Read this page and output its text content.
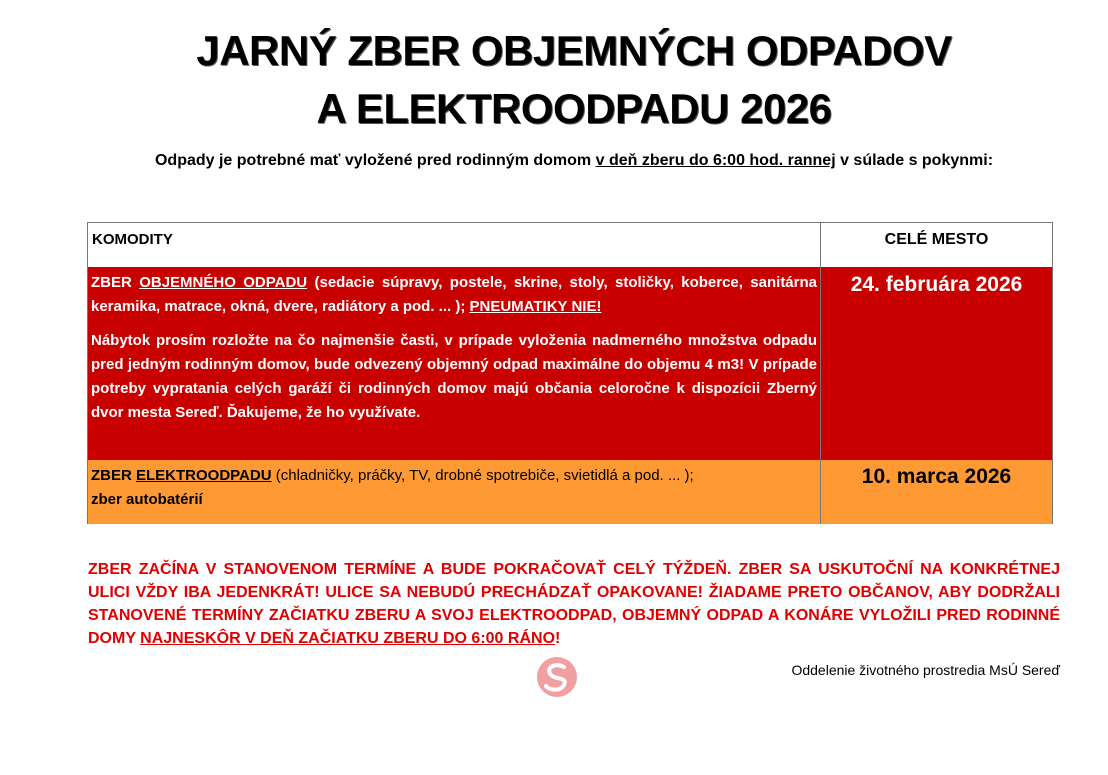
JARNÝ ZBER OBJEMNÝCH ODPADOV
A ELEKTROODPADU 2026
Odpady je potrebné mať vyložené pred rodinným domom v deň zberu do 6:00 hod. rannej v súlade s pokynmi:
KOMODITY	CELÉ MESTO

ZBER OBJEMNÉHO ODPADU (sedacie súpravy, postele, skrine, stoly, stoličky, koberce, sanitárna keramika, matrace, okná, dvere, radiátory a pod. ... ); PNEUMATIKY NIE!

Nábytok prosím rozložte na čo najmenšie časti, v prípade vyloženia nadmerného množstva odpadu pred jedným rodinným domov, bude odvezený objemný odpad maximálne do objemu 4 m3! V prípade potreby vypratania celých garáží či rodinných domov majú občania celoročne k dispozícii Zberný dvor mesta Sereď. Ďakujeme, že ho využívate.

24. februára 2026
ZBER ELEKTROODPADU (chladničky, práčky, TV, drobné spotrebiče, svietidlá a pod. ... );
zber autobatérií
10. marca 2026
ZBER ZAČÍNA V STANOVENOM TERMÍNE A BUDE POKRAČOVAŤ CELÝ TÝŽDEŇ. ZBER SA USKUTOČNÍ NA KONKRÉTNEJ ULICI VŽDY IBA JEDENKRÁT! ULICE SA NEBUDÚ PRECHÁDZAŤ OPAKOVANE! ŽIADAME PRETO OBČANOV, ABY DODRŽALI STANOVENÉ TERMÍNY ZAČIATKU ZBERU A SVOJ ELEKTROODPAD, OBJEMNÝ ODPAD A KONÁRE VYLOŽILI PRED RODINNÉ DOMY NAJNESKÔR V DEŇ ZAČIATKU ZBERU DO 6:00 RÁNO!
Oddelenie životného prostredia MsÚ Sereď
